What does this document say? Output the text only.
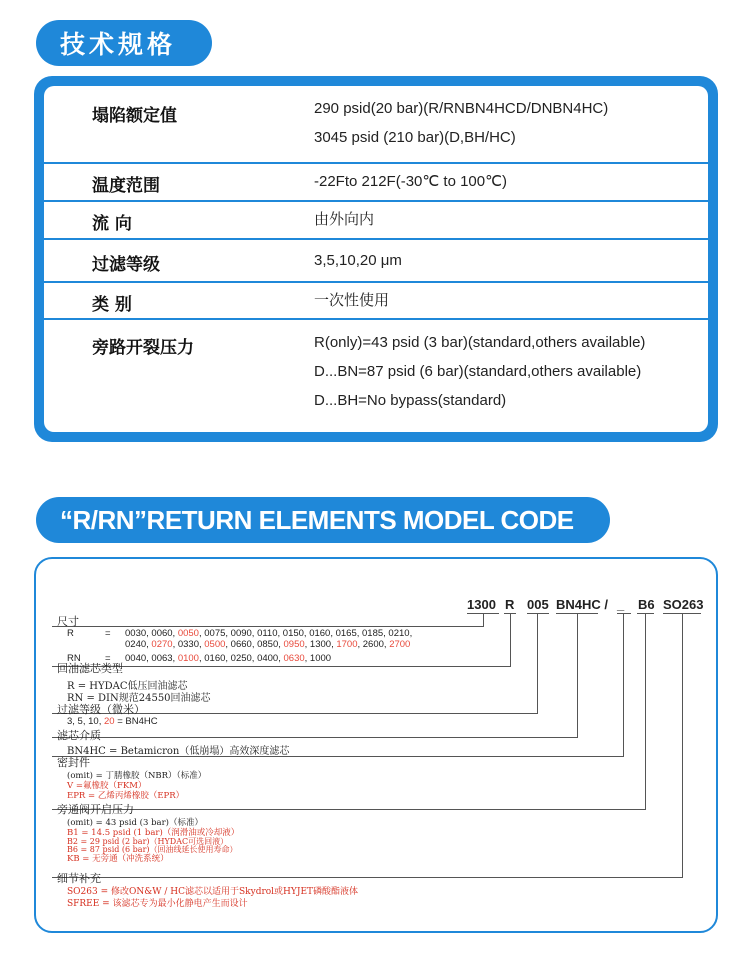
技术规格
塌陷额定值	290 psid(20 bar)(R/RNBN4HCD/DNBN4HC)
3045 psid (210 bar)(D,BH/HC)
温度范围	-22Fto 212F(-30℃ to 100℃)
流 向	由外向内
过滤等级	3,5,10,20 μm
类 别	一次性使用
旁路开裂压力	R(only)=43 psid (3 bar)(standard,others available)
D...BN=87 psid (6 bar)(standard,others available)
D...BH=No bypass(standard)
“R/RN”RETURN ELEMENTS MODEL CODE
1300 R 005 BN4HC / _ B6 SO263
尺寸
R	= 0030, 0060, 0050, 0075, 0090, 0110, 0150, 0160, 0165, 0185, 0210,
0240, 0270, 0330, 0500, 0660, 0850, 0950, 1300, 1700, 2600, 2700
RN	= 0040, 0063, 0100, 0160, 0250, 0400, 0630, 1000
回油滤芯类型
R = HYDAC低压回油滤芯
RN = DIN规范24550回油滤芯
过滤等级（微米）
3, 5, 10, 20 = BN4HC
滤芯介质
BN4HC = Betamicron（低崩塌）高效深度滤芯
密封件
(omit) = 丁腈橡胶（NBR）（标准）
V =氟橡胶（FKM）
EPR = 乙烯丙烯橡胶（EPR）
旁通阀开启压力
(omit) = 43 psid (3 bar)（标准）
B1 = 14.5 psid (1 bar)（润滑油或冷却液）
B2 = 29 psid (2 bar)（HYDAC可选回液）
B6 = 87 psid (6 bar)（回油线延长使用寿命）
KB = 无旁通（冲洗系统）
细节补充
SO263 = 修改ON&W / HC滤芯以适用于Skydrol或HYJET磷酸酯液体
SFREE = 该滤芯专为最小化静电产生而设计
